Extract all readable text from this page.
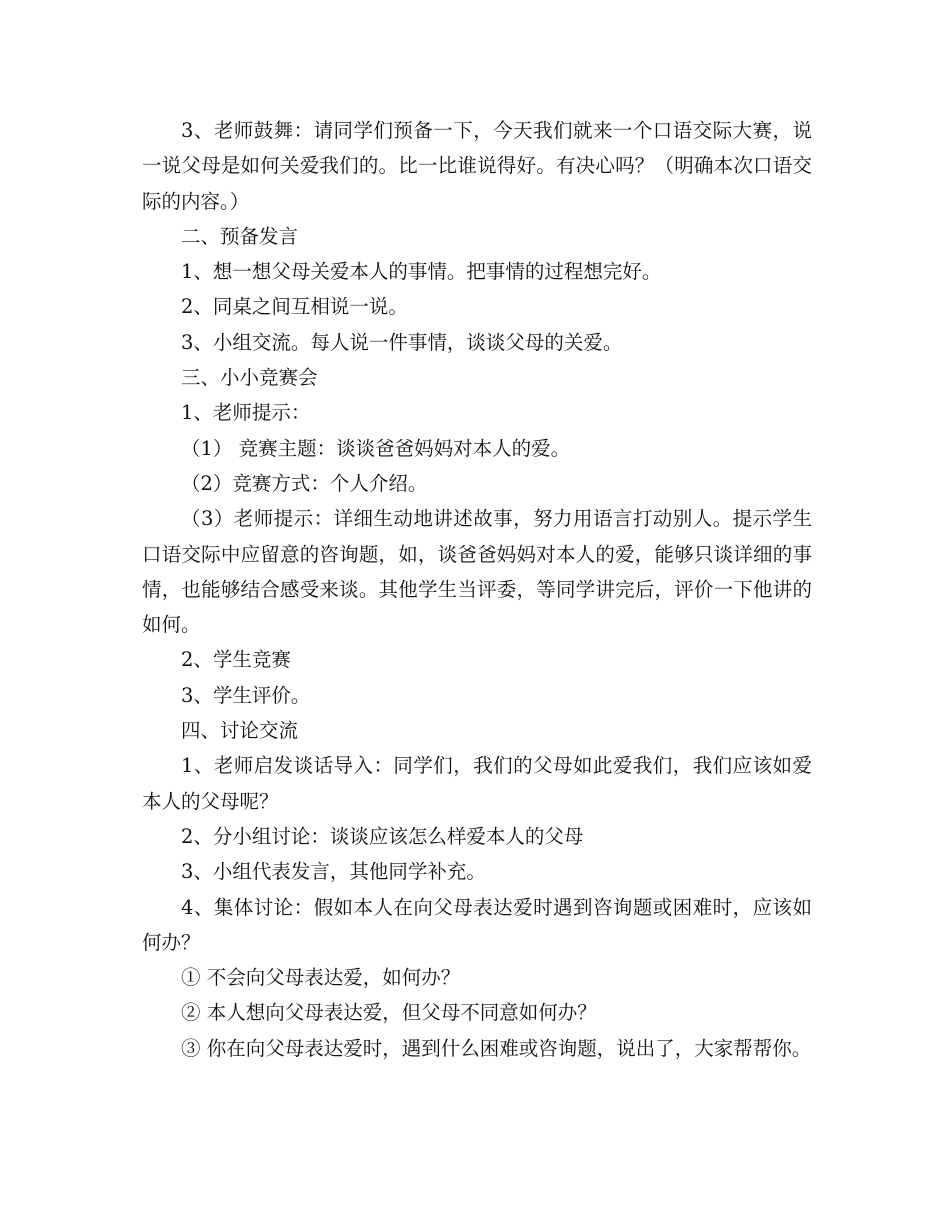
3、老师鼓舞：请同学们预备一下，今天我们就来一个口语交际大赛，说一说父母是如何关爱我们的。比一比谁说得好。有决心吗？（明确本次口语交际的内容。）

二、预备发言

1、想一想父母关爱本人的事情。把事情的过程想完好。

2、同桌之间互相说一说。

3、小组交流。每人说一件事情，谈谈父母的关爱。

三、小小竞赛会

1、老师提示：

（1） 竞赛主题：谈谈爸爸妈妈对本人的爱。

（2）竞赛方式：个人介绍。

（3）老师提示：详细生动地讲述故事，努力用语言打动别人。提示学生口语交际中应留意的咨询题，如，谈爸爸妈妈对本人的爱，能够只谈详细的事情，也能够结合感受来谈。其他学生当评委，等同学讲完后，评价一下他讲的如何。

2、学生竞赛

3、学生评价。

四、讨论交流

1、老师启发谈话导入：同学们，我们的父母如此爱我们，我们应该如爱本人的父母呢？

2、分小组讨论：谈谈应该怎么样爱本人的父母

3、小组代表发言，其他同学补充。

4、集体讨论：假如本人在向父母表达爱时遇到咨询题或困难时，应该如何办？

① 不会向父母表达爱，如何办？

② 本人想向父母表达爱，但父母不同意如何办？

③ 你在向父母表达爱时，遇到什么困难或咨询题，说出了，大家帮帮你。
